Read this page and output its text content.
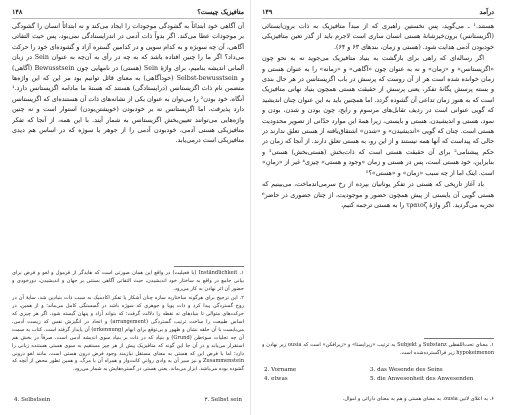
متافیزیک چیست؟
۱۴۸

آن آگاهی خود ابتدائاً به گشودگی موجودات را ایجاد می‌کند و نه ابتدائاً انسان را گشودگی بر موجودات عطا می‌کند. اگر بدواً ذات آدمی در اندرایستادگی نمی‌بود، پس حیث التفاتی آگاهی، آن چه سوبژه و به کدام سویی و در کدامین گستره آزاد و گشوده‌ای خود را حرکت می‌داد؟ اگر ما را چنین افتاده باشد که به چه در رأی به آن‌چه به عنوان Sein در زبان آلمانی اندیشه بنامیم، برای واژهٔ Sein (هستی) در نامهایی چون Bewusstsein (آگاهی) و Selbst-bewusstsein (خودآگاهی) به معنای قائل توانیم بود مر این که این واژه‌ها متضمن نام ذات اگزیستانس (درایستادگی) هستند که هستهٔ ما مادامه اگزیستانس دارد.¹ آنگاه، خود بودن² را می‌توان به عنوان یکی از نشانه‌های ذات آن هستنده‌ای که اگزیستانس دارد پذیرفت، اما اگزیستانس نه بر خودبودن (خویشتن‌بودن) استوار است و نه چنین واژه‌هایی می‌توانند تعیین‌بخش اگزیستانس به شمار آیند. با این همه، از آنجا که تفکر متافیزیکی هستی آدمی، خودبودن آدمی را از جوهر یا سوژه که در اساس هم دیدی متافیزیکی است درمی‌یابد.

۱. Inständlichkeit (با فعیلیت) در واقع این همان صورتی است که هایدگر از فرمول و لغو و فرض برای بیانی جامع در واقع به ساختار خود اندیشیدن، حیث التفاتی آگاهی بستنی بر جهان و اندیشیدن، دورخودی و حضور آن اثر نهادن به کار می‌رود.

۲. این ترجیح برای هرگونه ساختاربه سازه چنان آشکار یا تفکر اکادمیک به سبب ذات بنیادین شد، سایهٔ آن در روح گستردگی پیدا کرد و ذات پویا و جوهری که سوژه باشد در گسستگی کامل می‌ماند؛ و از همین، در حرکت‌های متوالی تا بنیادهای نه نقطه را دلالت گرفت؛ که بتواند آزاد و پنهان گیسته شود. اگر هر چیزی که اساس طبیعت را ساخت ترتیب گستردگی (arrangement) و اتحاد در انگیزش نفس که زیست آدمی، می‌بایست با آن حلقه نشان و ظهور و بی‌توقع برای ابهام (erkennung) آن پایدار گرفته است. کتاب به سمت آن چه تجلیات سوءظن (Grund) و بنیاد که در ذات بر بنیاد سوی اندیشه آدمی است، صرفاً در بخش هم استقرار می‌یابد و در آن جا این گونه که متافیزیک پیش از هر چیز مستقیم به سوی هستی هستنده زبانی را دارد؛ اما با فرض این که هستی به معنای مستقل نیازمند وجود فرض درون هستی است، مانند لغو درونی Zusammenstein و نیز سیر آن به وادی روانیِ کانت‌وار و همراه آن با مرگ، و همین تطور محض از آنچه که گشوده بوده می‌باشد. ابزار می‌ماند. یعنی هستی در گستره‌هایش به شمار می‌رود.

4. Selbstsein	۳. Selbst sein
درآمد
۱۴۹

هستند.¹ ـ می‌گوید، پس نخستین راهبری که از مبدأ متافیزیک به ذات برون‌ایستائی (اگزیستانس) برون‌خیزشانهٔ هستی انسان ساری است لاجرم باید از گذر تعین متافیزیکی خودبودن آدمی هدایت شود. (هستی و زمان، بندهای ۶۳ و ۶۴).

اگر رساله‌ای که راهی برای بازگشت به بنیاد متافیزیک می‌جوید نه به نحو چون «اگزیستانس» و «زمان» و نه به عنوان چون «آگاهی» و «زمانه» را به عنوان هستی و زمان خوانده شده است هر از آن روست که پرسش در باب اگزیستانس در هر حال بندی و بسته پرسش یگانهٔ تفکر، یعنی پرسش از حقیقت هستی همچون بنیاد نهانی متافیزیک است که به هنوز زمان تداعی آن گشوده گردد. اما همچنین باید به این عنوان چنان اندیشید که گویی عنوانی است در ردیف تقابل‌های مرسوم و رایج، چون بودن و شدن، بودن و نمود، هستی و اندیشیدن، هستی و بایستی، زیرا همهٔ این موارد حدّانی از تصویر محدودیت هستی است. چنان که گویی «اندیشیدن» و «شدن» اشتقاق‌یافته از هستی تعلق ندارند در حالی که پیداست که آنها همه نیستند و از این رو، به هستی تعلق دارند. از آنجا که زمان در حکم پیشنامی² برای آن حقیقت هستی است که ذات‌بخش (هستی‌بخش) هستی³ و بنابراین، خود هستی است، پس در هستی و زمان «وجود و هستی» چیزی⁴ غیر از «زمانِ» است. اینک اما از چه سبب «زمان» و «هستی»؟⁵

باد آغاز تاریخی که هستی در تفکر یونانیان بپرده از رخ سرمی‌اندماخت، می‌بینیم که هستی گویی آن بایستی از پیش همچون حضور و موجودیت، از چنان حضوری در حاضر⁶ تجربه می‌گردید. اگر واژهٔ τραιοζ را به هستی ترجمه کنیم،

۱. معنای تحت‌اللفظی Substanz و Subjekt به ترتیب «زیرایستا» و «زیرافکن» است که ousia زیر نهادن و hypokeimenon زیر فراگسترده‌شده است.

2. Vorname	3. das Wesende des Seins
4. etwas	5. die Anwesenheit des Anwesenden
۶. به اعلای لاتین ousia. به معنای هستی و هم به معنای دارائی و اموال.
